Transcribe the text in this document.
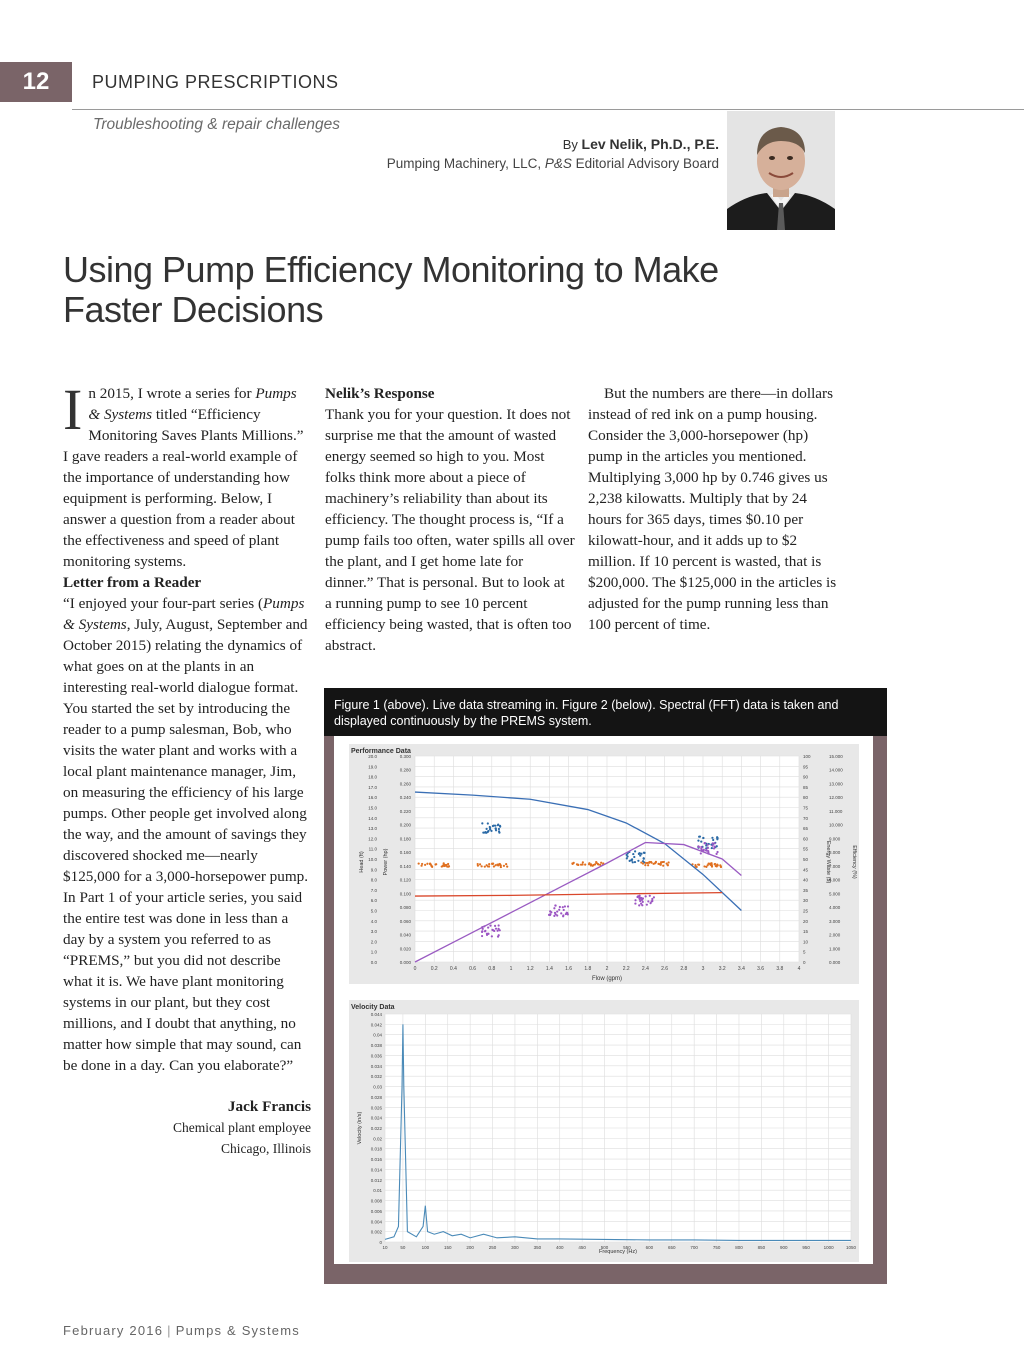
12	PUMPING PRESCRIPTIONS
Troubleshooting & repair challenges
By Lev Nelik, Ph.D., P.E.
Pumping Machinery, LLC, P&S Editorial Advisory Board
Using Pump Efficiency Monitoring to Make Faster Decisions

In 2015, I wrote a series for Pumps & Systems titled “Efficiency Monitoring Saves Plants Millions.” I gave readers a real-world example of the importance of understanding how equipment is performing. Below, I answer a question from a reader about the effectiveness and speed of plant monitoring systems.

Letter from a Reader

“I enjoyed your four-part series (Pumps & Systems, July, August, September and October 2015) relating the dynamics of what goes on at the plants in an interesting real-world dialogue format. You started the set by introducing the reader to a pump salesman, Bob, who visits the water plant and works with a local plant maintenance manager, Jim, on measuring the efficiency of his large pumps. Other people get involved along the way, and the amount of savings they discovered shocked me—nearly $125,000 for a 3,000-horsepower pump. In Part 1 of your article series, you said the entire test was done in less than a day by a system you referred to as “PREMS,” but you did not describe what it is. We have plant monitoring systems in our plant, but they cost millions, and I doubt that anything, no matter how simple that may sound, can be done in a day. Can you elaborate?”

Jack Francis
Chemical plant employee
Chicago, Illinois

Nelik’s Response

Thank you for your question. It does not surprise me that the amount of wasted energy seemed so high to you. Most folks think more about a piece of machinery’s reliability than about its efficiency. The thought process is, “If a pump fails too often, water spills all over the plant, and I get home late for dinner.” That is personal. But to look at a running pump to see 10 percent efficiency being wasted, that is often too abstract.

But the numbers are there—in dollars instead of red ink on a pump housing. Consider the 3,000-horsepower (hp) pump in the articles you mentioned. Multiplying 3,000 hp by 0.746 gives us 2,238 kilowatts. Multiply that by 24 hours for 365 days, times $0.10 per kilowatt-hour, and it adds up to $2 million. If 10 percent is wasted, that is $200,000. The $125,000 in the articles is adjusted for the pump running less than 100 percent of time.

Figure 1 (above). Live data streaming in. Figure 2 (below). Spectral (FFT) data is taken and displayed continuously by the PREMS system.
Performance Data
0	0.2 0.4 0.6 0.8	1	1.2 1.4 1.6 1.8	2	2.2 2.4 2.6 2.8	3	3.2 3.4 3.6 3.8	4
20.0
19.0
18.0
17.0
16.0
15.0
14.0
13.0
12.0
11.0
10.0
9.0
8.0
7.0
6.0
5.0
4.0
3.0
2.0
1.0
0.0
0.300
0.280
0.260
0.240
0.220
0.200
0.180
0.160
0.140
0.120
0.100
0.080
0.060
0.040
0.020
0.000
100
95
90
85
80
75
70
65
60
55
50
45
40
35
30
25
20
15
10
5
0
15.000
14.000
13.000
12.000
11.000
10.000
9.000
8.000
7.000
6.000
5.000
4.000
3.000
2.000
1.000
0.000
Flow (gpm)
Head (ft)	Power (hp)	Energy Waste ($)	Efficiency (%)
Velocity Data
10	50	100	150	200	250	300	350	400	450	500	550	600	650	700	750	800	850	900	950	1000	1050
0.044
0.042
0.04
0.038
0.036
0.034
0.032
0.03
0.028
0.026
0.024
0.022
0.02
0.018
0.016
0.014
0.012
0.01
0.008
0.006
0.004
0.002
0
Frequency (Hz)
Velocity (in/s)
February 2016 | Pumps & Systems
